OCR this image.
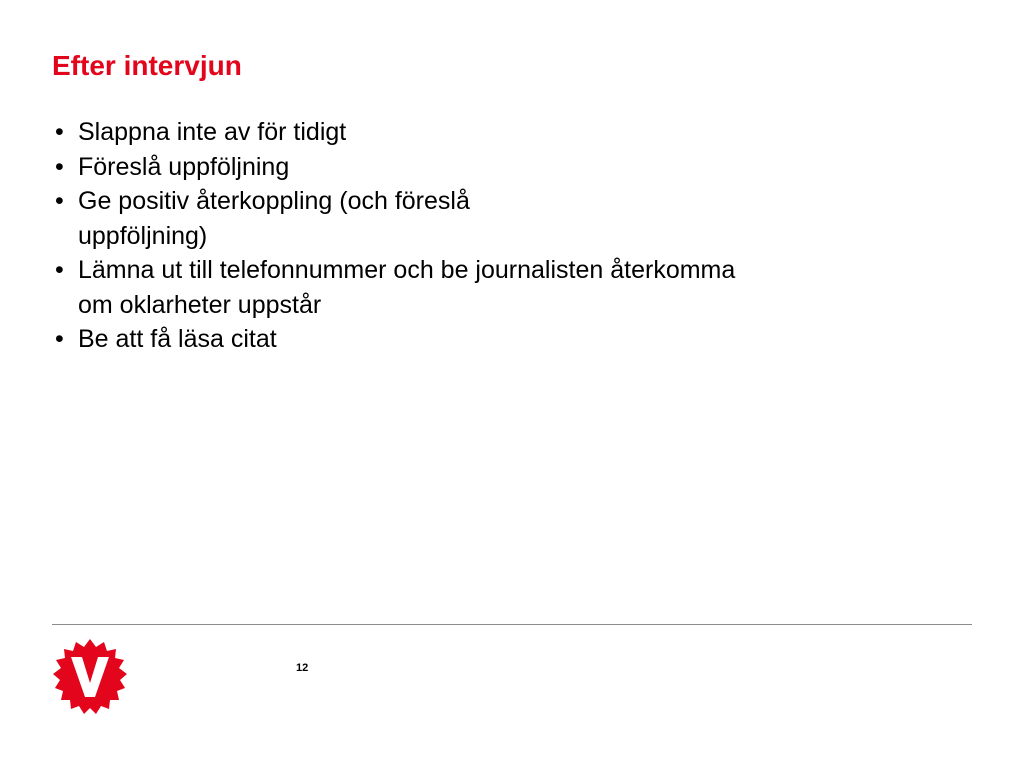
Efter intervjun
• Slappna inte av för tidigt
• Föreslå uppföljning
• Ge positiv återkoppling (och föreslå uppföljning)
• Lämna ut till telefonnummer och be journalisten återkomma om oklarheter uppstår
• Be att få läsa citat
12
